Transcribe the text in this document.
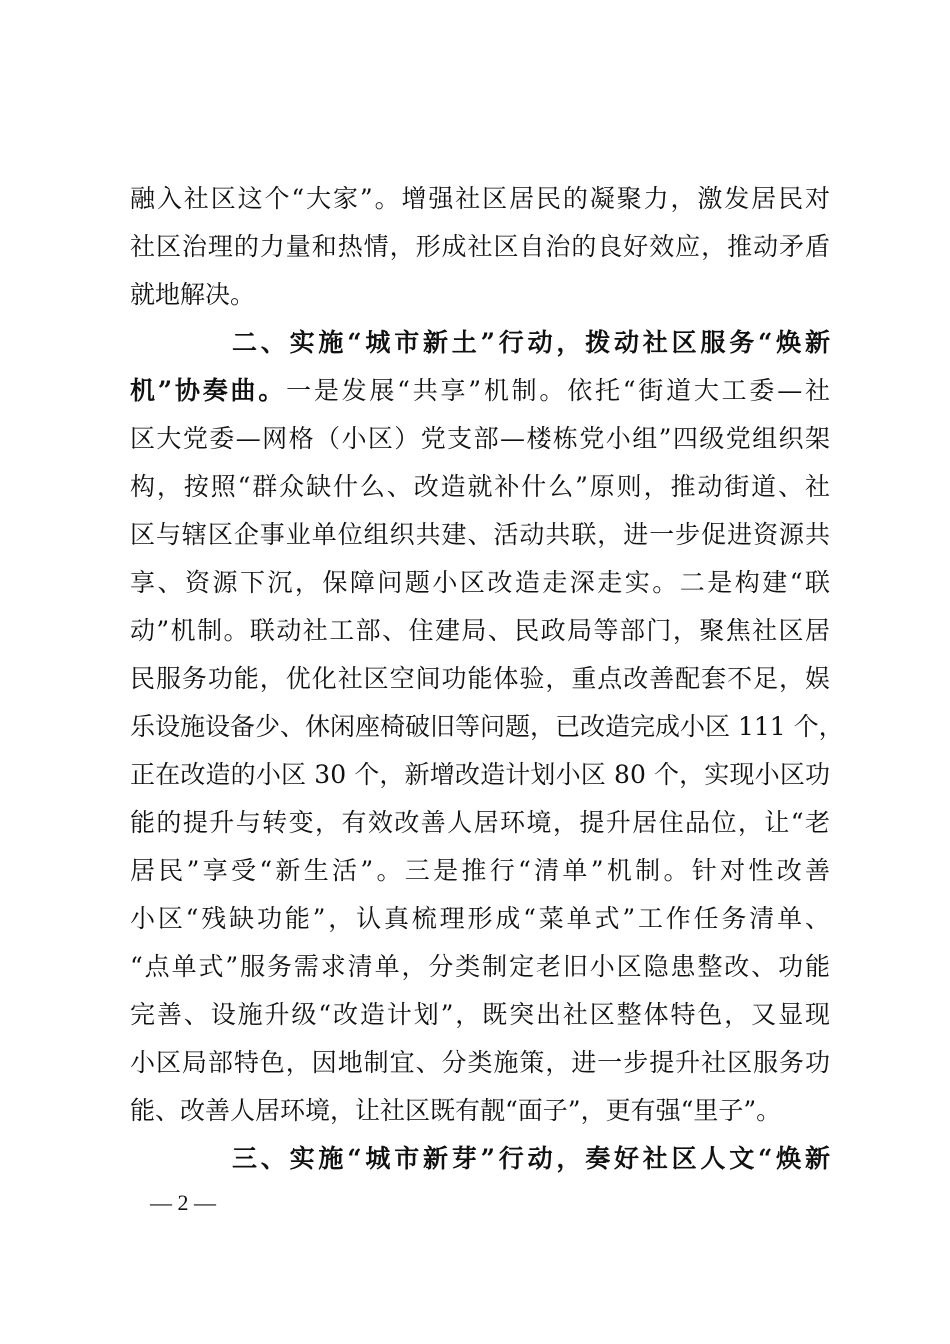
融入社区这个“大家”。增强社区居民的凝聚力，激发居民对
社区治理的力量和热情，形成社区自治的良好效应，推动矛盾
就地解决。
二、实施“城市新土”行动，拨动社区服务“焕新
机”协奏曲。一是发展“共享”机制。依托“街道大工委—社
区大党委—网格（小区）党支部—楼栋党小组”四级党组织架
构，按照“群众缺什么、改造就补什么”原则，推动街道、社
区与辖区企事业单位组织共建、活动共联，进一步促进资源共
享、资源下沉，保障问题小区改造走深走实。二是构建“联
动”机制。联动社工部、住建局、民政局等部门，聚焦社区居
民服务功能，优化社区空间功能体验，重点改善配套不足，娱
乐设施设备少、休闲座椅破旧等问题，已改造完成小区 111 个，
正在改造的小区 30 个，新增改造计划小区 80 个，实现小区功
能的提升与转变，有效改善人居环境，提升居住品位，让“老
居民”享受“新生活”。三是推行“清单”机制。针对性改善
小区“残缺功能”，认真梳理形成“菜单式”工作任务清单、
“点单式”服务需求清单，分类制定老旧小区隐患整改、功能
完善、设施升级“改造计划”，既突出社区整体特色，又显现
小区局部特色，因地制宜、分类施策，进一步提升社区服务功
能、改善人居环境，让社区既有靓“面子”，更有强“里子”。
三、实施“城市新芽”行动，奏好社区人文“焕新
— 2 —
